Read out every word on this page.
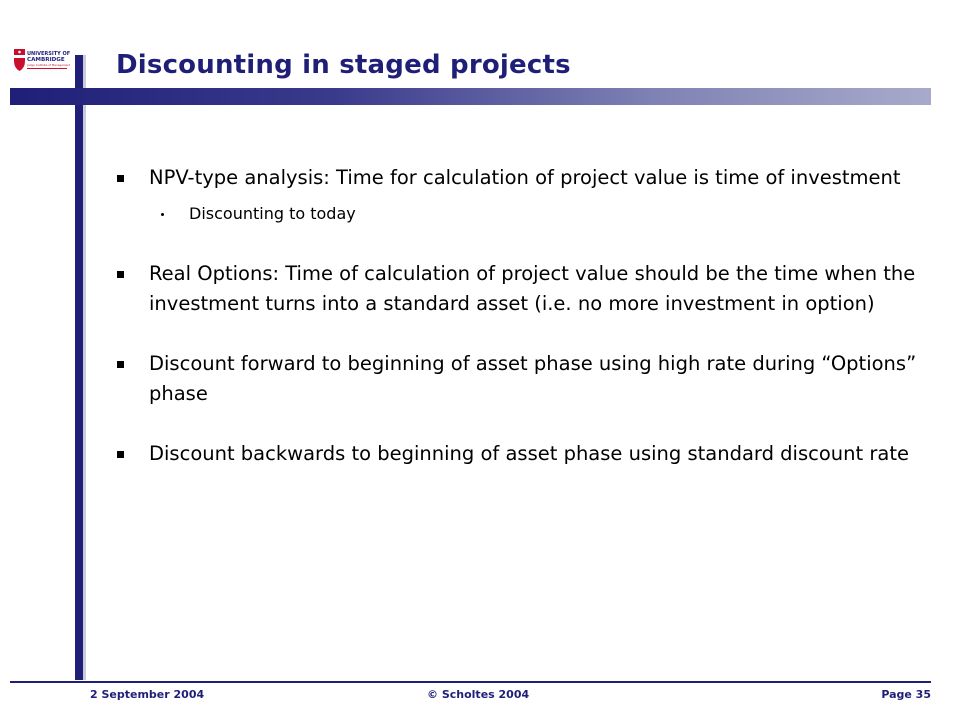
UNIVERSITY OF
CAMBRIDGE
Judge Institute of Management Discounting in staged projects
NPV-type analysis: Time for calculation of project value is time of investment
Discounting to today
Real Options: Time of calculation of project value should be the time when the investment turns into a standard asset (i.e. no more investment in option)
Discount forward to beginning of asset phase using high rate during “Options” phase
Discount backwards to beginning of asset phase using standard discount rate
2 September 2004	© Scholtes 2004	Page 35
